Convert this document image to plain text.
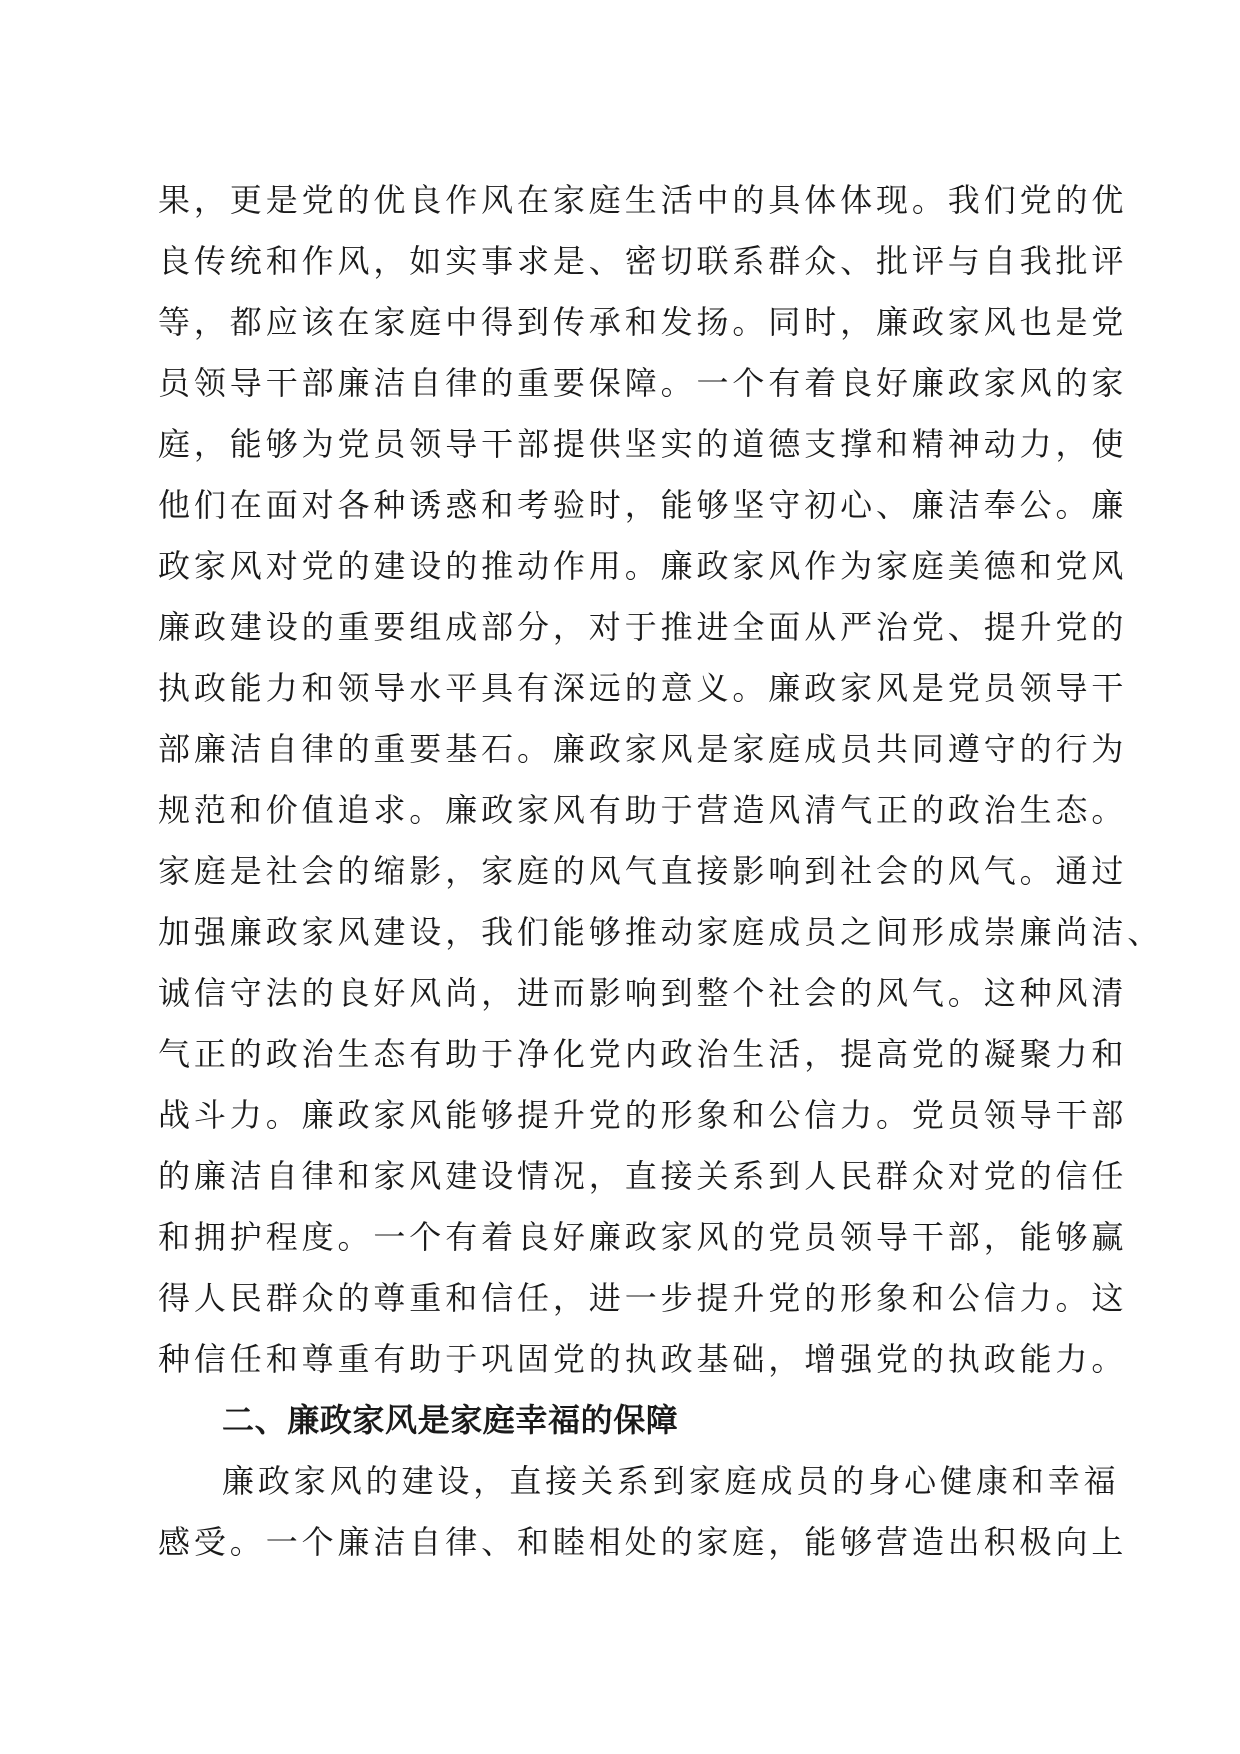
果，更是党的优良作风在家庭生活中的具体体现。我们党的优
良传统和作风，如实事求是、密切联系群众、批评与自我批评
等，都应该在家庭中得到传承和发扬。同时，廉政家风也是党
员领导干部廉洁自律的重要保障。一个有着良好廉政家风的家
庭，能够为党员领导干部提供坚实的道德支撑和精神动力，使
他们在面对各种诱惑和考验时，能够坚守初心、廉洁奉公。廉
政家风对党的建设的推动作用。廉政家风作为家庭美德和党风
廉政建设的重要组成部分，对于推进全面从严治党、提升党的
执政能力和领导水平具有深远的意义。廉政家风是党员领导干
部廉洁自律的重要基石。廉政家风是家庭成员共同遵守的行为
规范和价值追求。廉政家风有助于营造风清气正的政治生态。
家庭是社会的缩影，家庭的风气直接影响到社会的风气。通过
加强廉政家风建设，我们能够推动家庭成员之间形成崇廉尚洁、
诚信守法的良好风尚，进而影响到整个社会的风气。这种风清
气正的政治生态有助于净化党内政治生活，提高党的凝聚力和
战斗力。廉政家风能够提升党的形象和公信力。党员领导干部
的廉洁自律和家风建设情况，直接关系到人民群众对党的信任
和拥护程度。一个有着良好廉政家风的党员领导干部，能够赢
得人民群众的尊重和信任，进一步提升党的形象和公信力。这
种信任和尊重有助于巩固党的执政基础，增强党的执政能力。
二、廉政家风是家庭幸福的保障
廉政家风的建设，直接关系到家庭成员的身心健康和幸福
感受。一个廉洁自律、和睦相处的家庭，能够营造出积极向上
